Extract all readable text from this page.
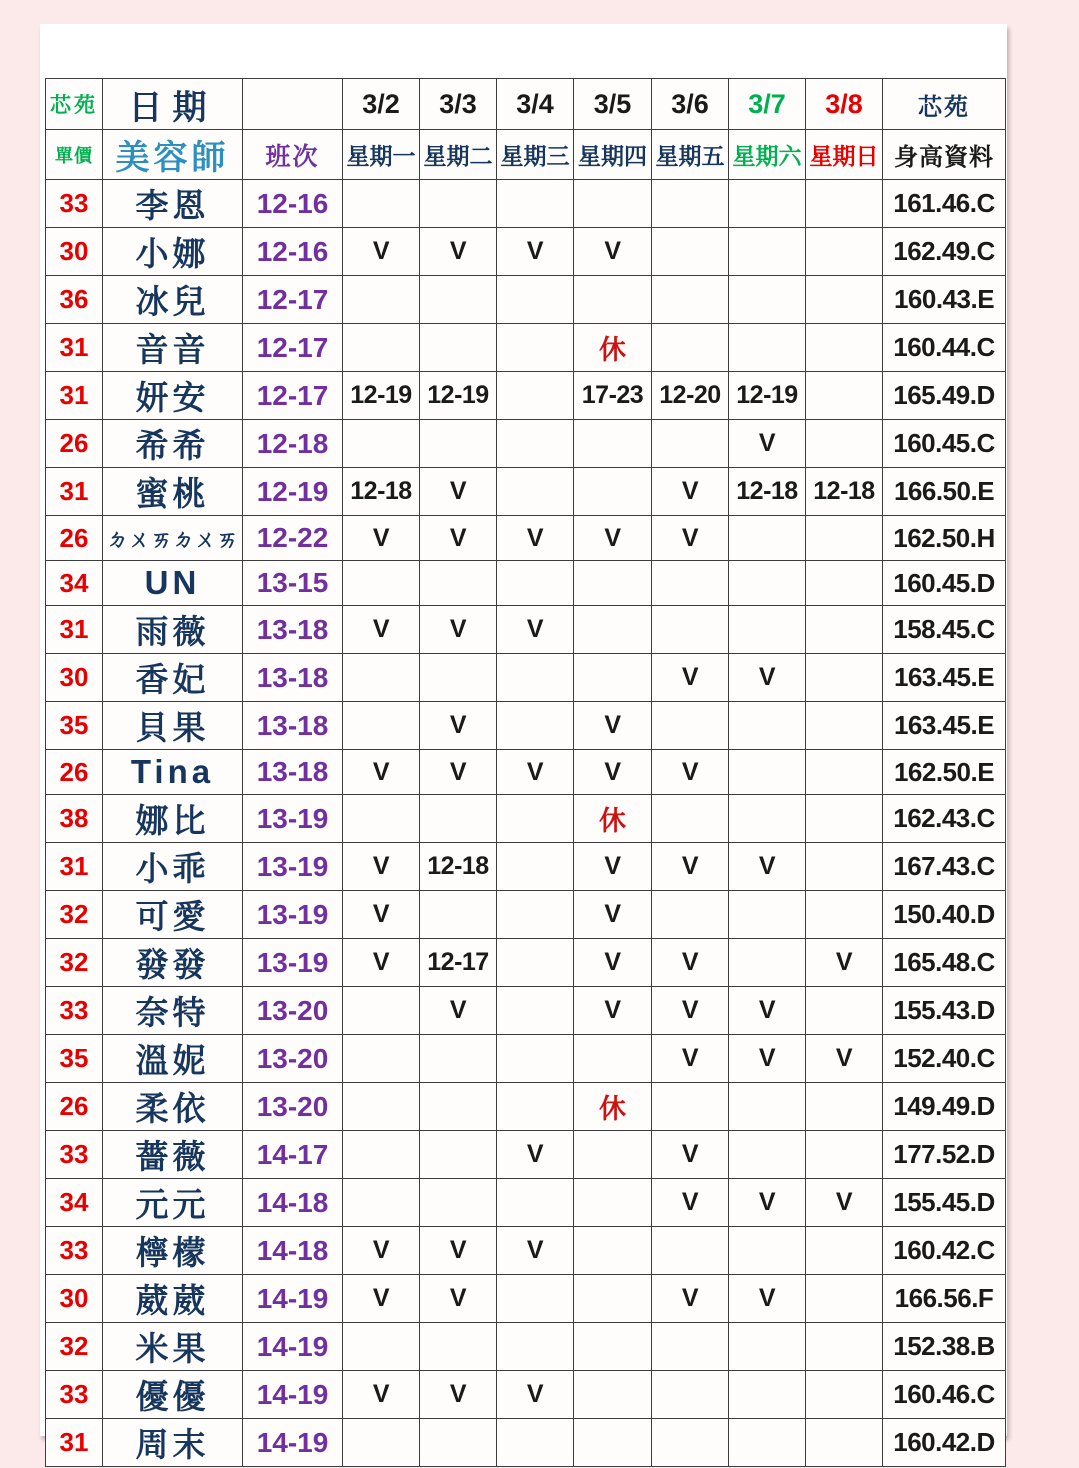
芯苑	日期		3/2	3/3	3/4	3/5	3/6	3/7	3/8	芯苑
單價	美容師	班次	星期一	星期二	星期三	星期四	星期五	星期六	星期日	身高資料
33	李恩	12-16								161.46.C
30	小娜	12-16	V	V	V	V				162.49.C
36	冰兒	12-17								160.43.E
31	音音	12-17				休				160.44.C
31	妍安	12-17	12-19	12-19		17-23	12-20	12-19		165.49.D
26	希希	12-18						V		160.45.C
31	蜜桃	12-19	12-18	V			V	12-18	12-18	166.50.E
26	ㄉㄨㄞㄉㄨㄞ	12-22	V	V	V	V	V			162.50.H
34	UN	13-15								160.45.D
31	雨薇	13-18	V	V	V					158.45.C
30	香妃	13-18					V	V		163.45.E
35	貝果	13-18		V		V				163.45.E
26	Tina	13-18	V	V	V	V	V			162.50.E
38	娜比	13-19				休				162.43.C
31	小乖	13-19	V	12-18		V	V	V		167.43.C
32	可愛	13-19	V			V				150.40.D
32	發發	13-19	V	12-17		V	V		V	165.48.C
33	奈特	13-20		V		V	V	V		155.43.D
35	溫妮	13-20					V	V	V	152.40.C
26	柔依	13-20				休				149.49.D
33	薔薇	14-17			V		V			177.52.D
34	元元	14-18					V	V	V	155.45.D
33	檸檬	14-18	V	V	V					160.42.C
30	葳葳	14-19	V	V			V	V		166.56.F
32	米果	14-19								152.38.B
33	優優	14-19	V	V	V					160.46.C
31	周末	14-19								160.42.D
